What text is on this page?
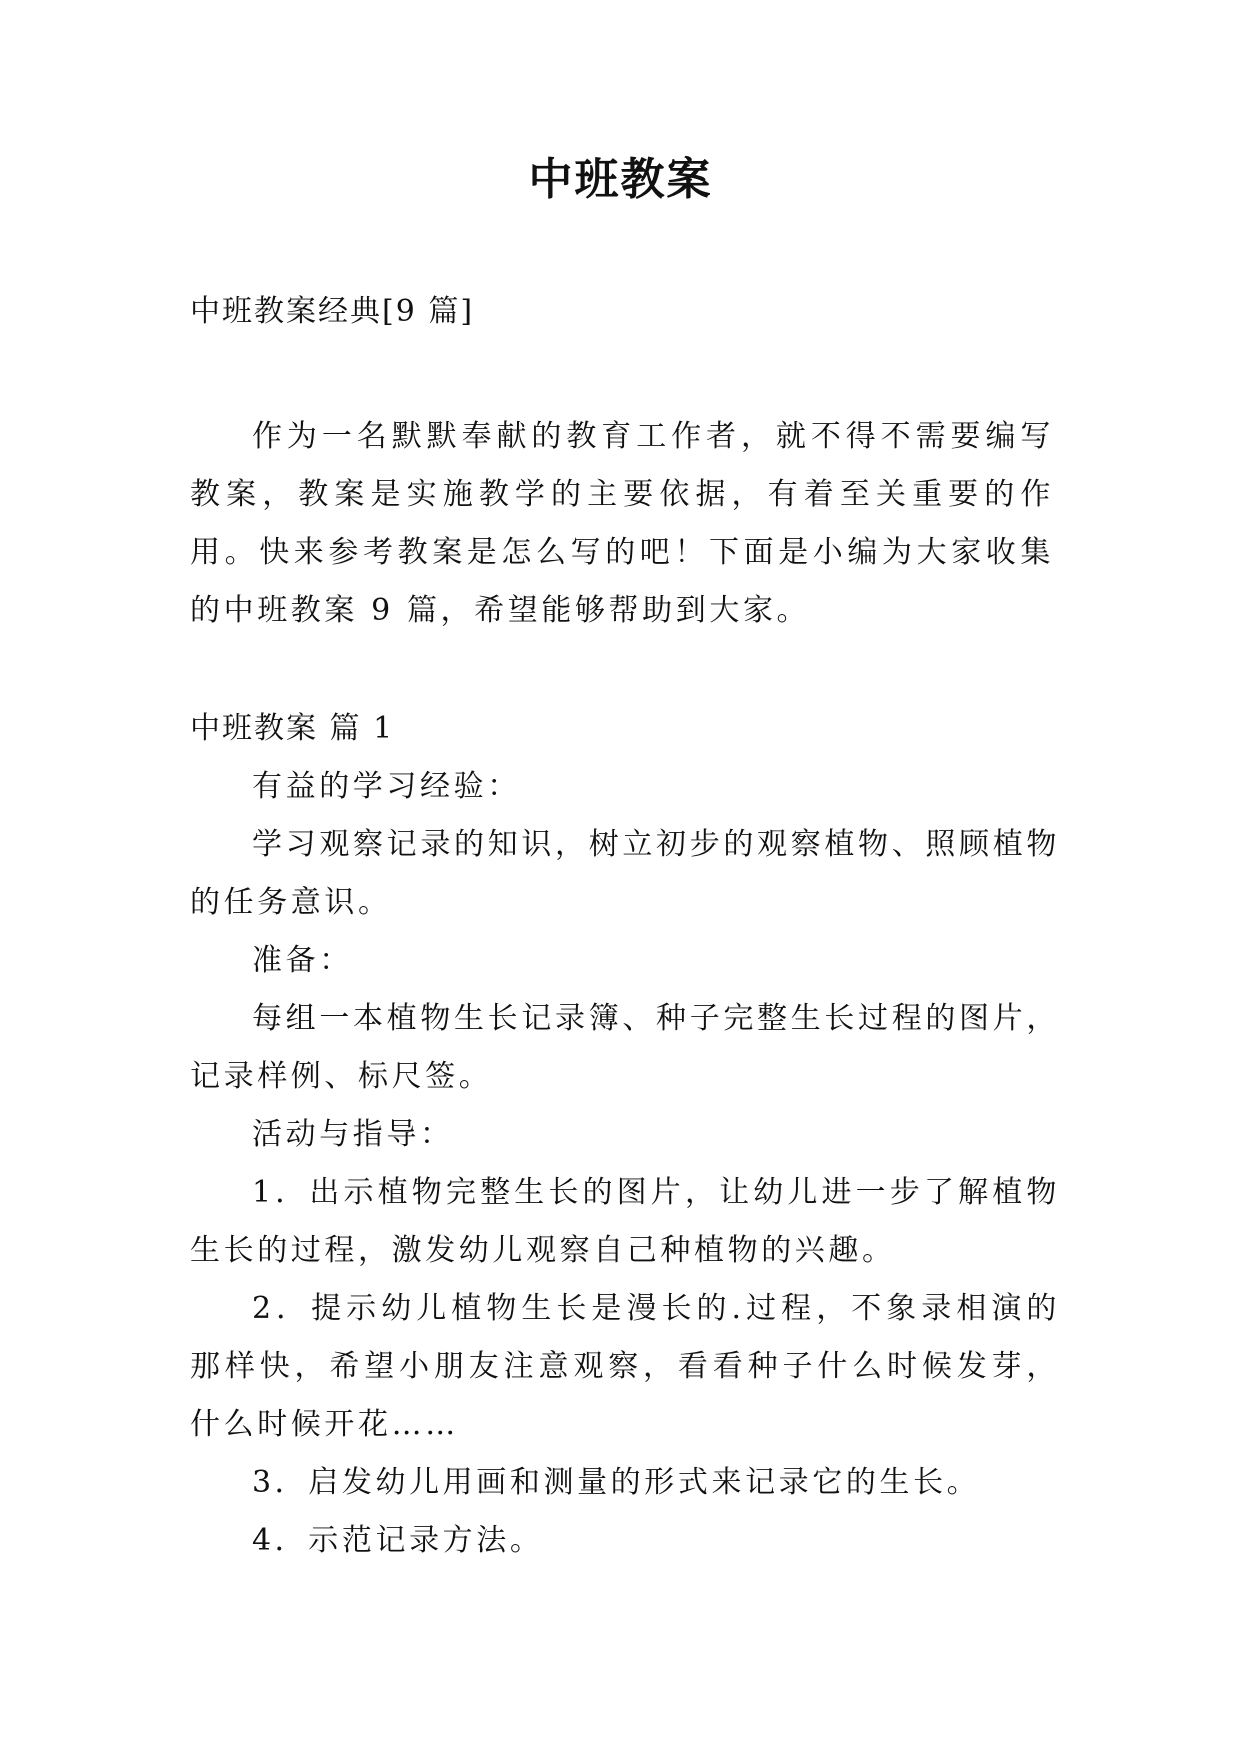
中班教案
中班教案经典[9 篇]

作为一名默默奉献的教育工作者，就不得不需要编写教案，教案是实施教学的主要依据，有着至关重要的作用。快来参考教案是怎么写的吧！下面是小编为大家收集的中班教案 9 篇，希望能够帮助到大家。

中班教案 篇 1

有益的学习经验：

学习观察记录的知识，树立初步的观察植物、照顾植物的任务意识。

准备：

每组一本植物生长记录簿、种子完整生长过程的图片，记录样例、标尺签。

活动与指导：

1．出示植物完整生长的图片，让幼儿进一步了解植物生长的过程，激发幼儿观察自己种植物的兴趣。

2．提示幼儿植物生长是漫长的.过程，不象录相演的那样快，希望小朋友注意观察，看看种子什么时候发芽，什么时候开花……

3．启发幼儿用画和测量的形式来记录它的生长。

4．示范记录方法。
